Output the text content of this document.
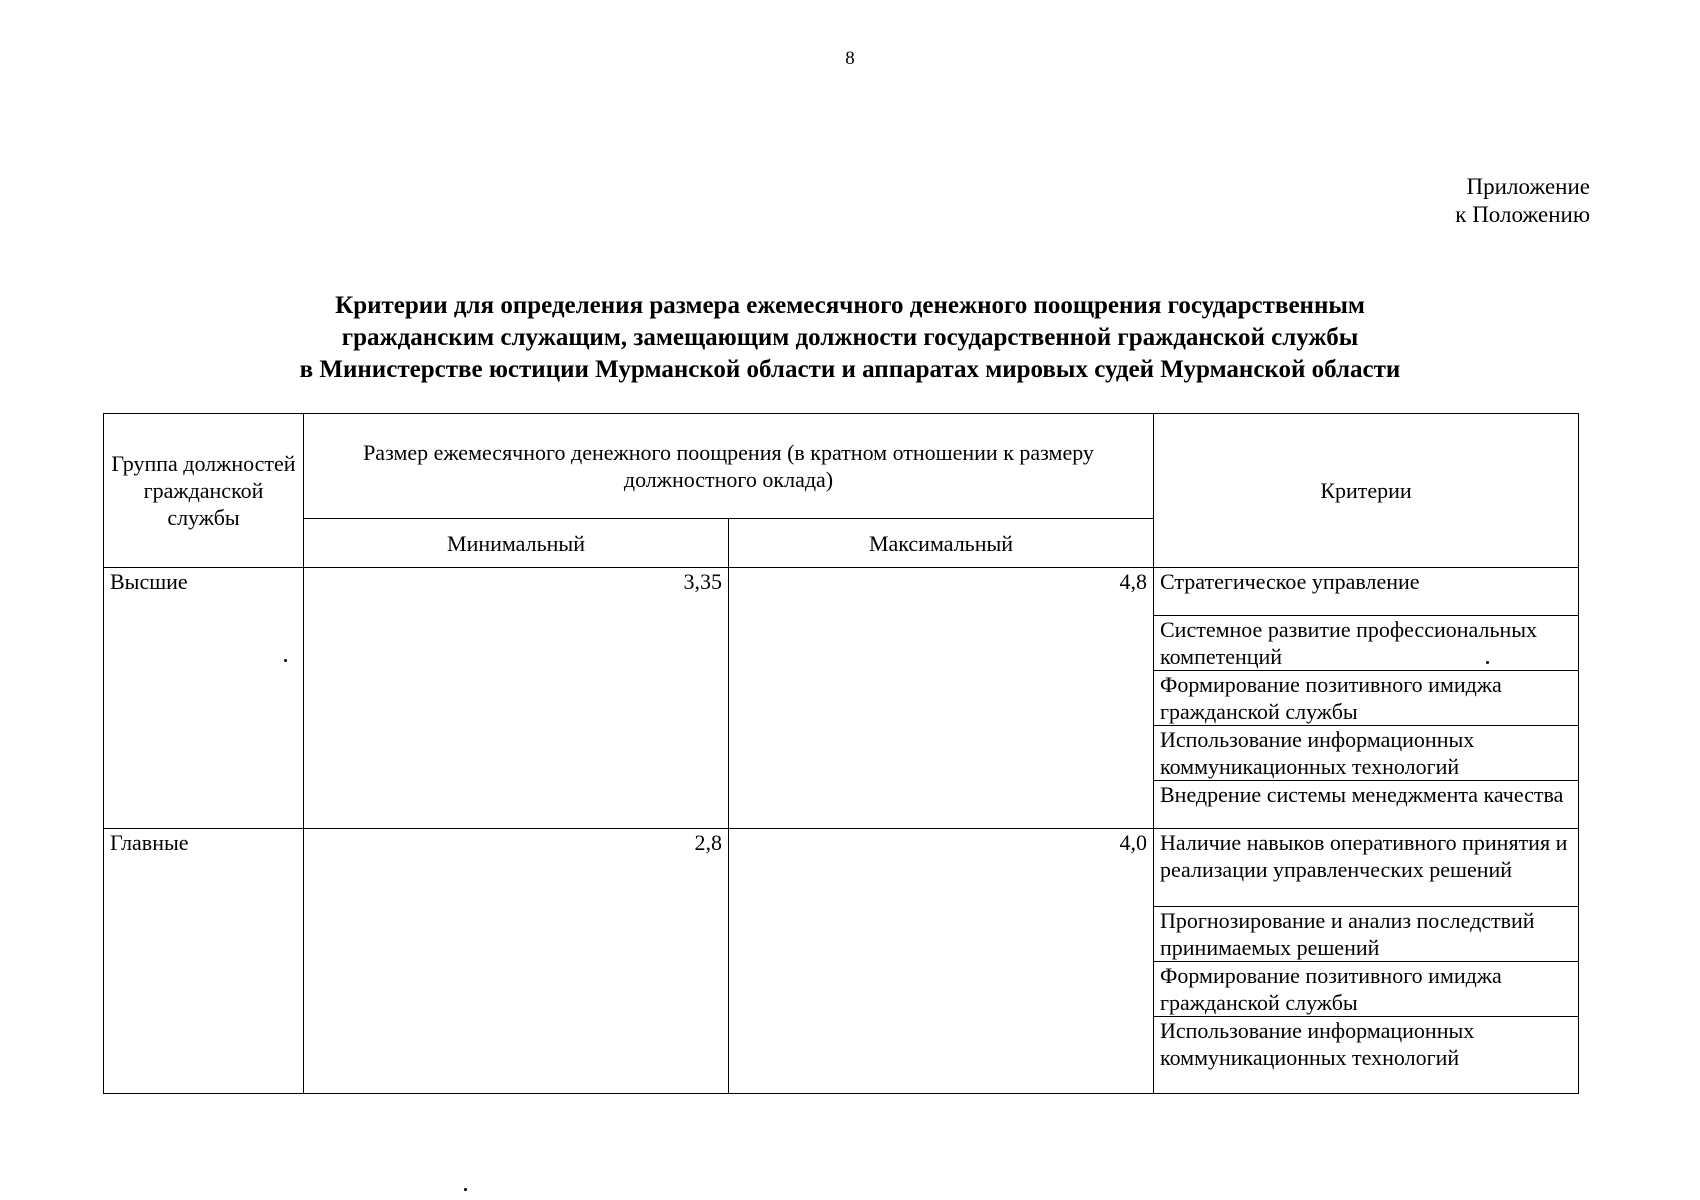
8
Приложение
к Положению
Критерии для определения размера ежемесячного денежного поощрения государственным
гражданским служащим, замещающим должности государственной гражданской службы
в Министерстве юстиции Мурманской области и аппаратах мировых судей Мурманской области
Группа должностей гражданской службы	Размер ежемесячного денежного поощрения (в кратном отношении к размеру должностного оклада)		Критерии
	Минимальный	Максимальный	
Высшие	3,35	4,8	Стратегическое управление
			Системное развитие профессиональных компетенций
			Формирование позитивного имиджа гражданской службы
			Использование информационных коммуникационных технологий
			Внедрение системы менеджмента качества
Главные	2,8	4,0	Наличие навыков оперативного принятия и реализации управленческих решений
			Прогнозирование и анализ последствий принимаемых решений
			Формирование позитивного имиджа гражданской службы
			Использование информационных коммуникационных технологий
